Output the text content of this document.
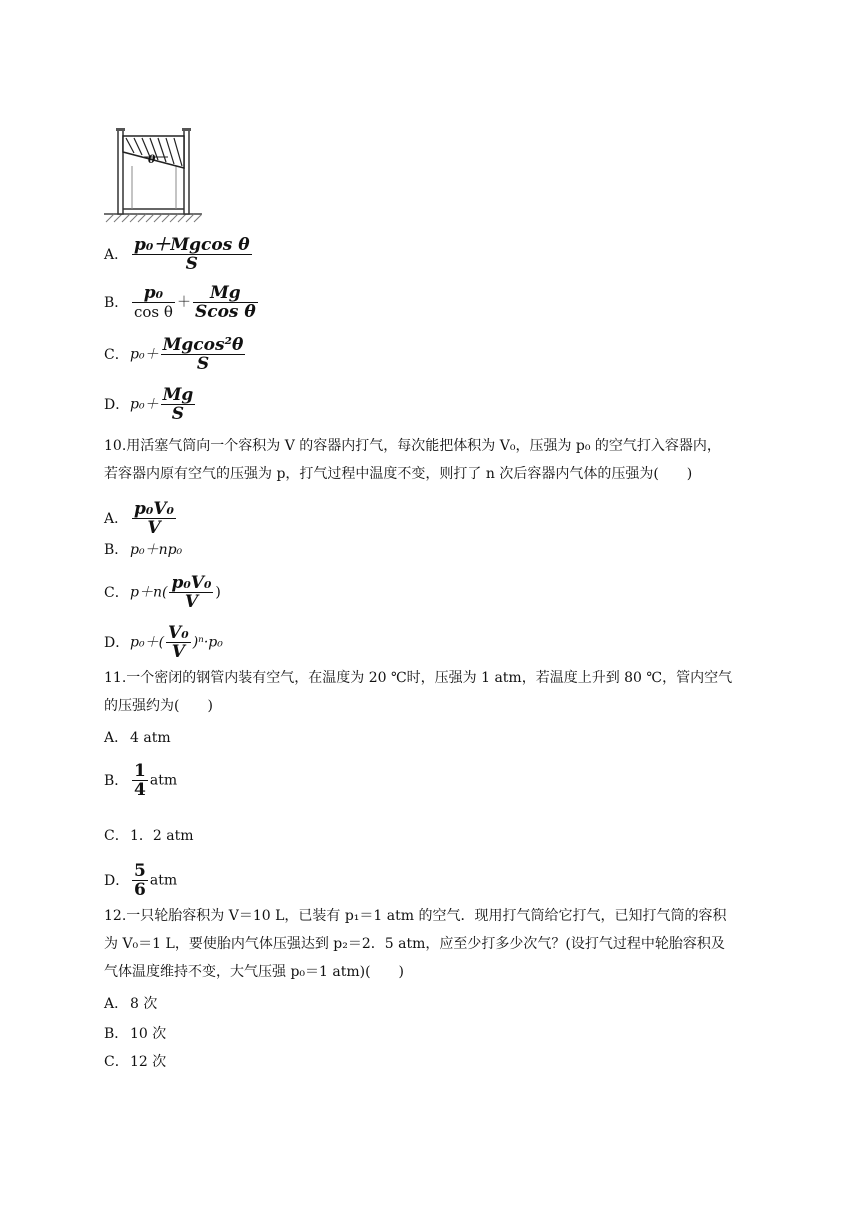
θ
A． $\frac{\text{p₀＋Mgcos θ}}{S}$
B． $\frac{\text{p₀}}{\text{cos θ}} + \frac{Mg}{\text{Scos θ}}$
C．$p_0+ \frac{\text{Mgcos²θ}}{S}$
D．$p_0+ \frac{Mg}{S}$
10.用活塞气筒向一个容积为 V 的容器内打气，每次能把体积为 V₀，压强为 p₀ 的空气打入容器内，
若容器内原有空气的压强为 p，打气过程中温度不变，则打了 n 次后容器内气体的压强为(　　)
A． $\frac{\text{p₀V₀}}{V}$
B． p₀＋np₀
C．$p+n( \frac{\text{p₀V₀}}{V}$ )
D．$p_0+( \frac{\text{V₀}}{V} )^n\cdot p_0$
11.一个密闭的钢管内装有空气，在温度为 20 ℃时，压强为 1 atm，若温度上升到 80 ℃，管内空气
的压强约为(　　)
A． 4 atm
B． $\frac{1}{4}$ atm
C．1．2 atm
D． $\frac{5}{6}$ atm
12.一只轮胎容积为 V＝10 L，已装有 p₁＝1 atm 的空气．现用打气筒给它打气，已知打气筒的容积
为 V₀＝1 L，要使胎内气体压强达到 p₂＝2．5 atm，应至少打多少次气？(设打气过程中轮胎容积及
气体温度维持不变，大气压强 p₀＝1 atm)(　　)
A． 8 次
B． 10 次
C．12 次
